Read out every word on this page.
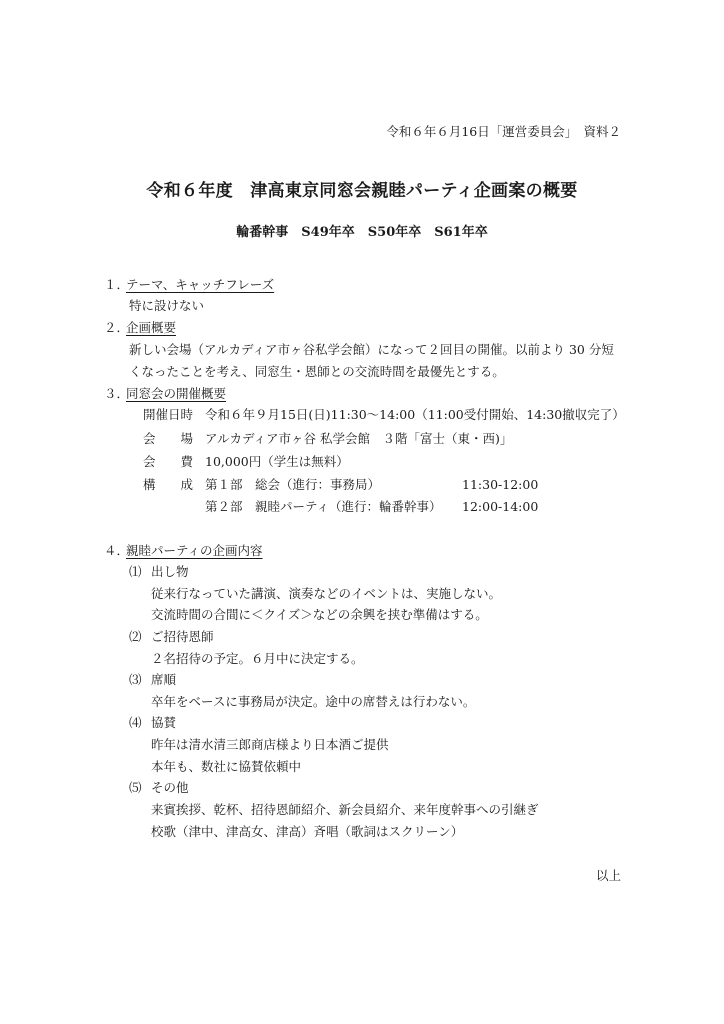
令和６年６月16日「運営委員会」　資料２
令和６年度　津高東京同窓会親睦パーティ企画案の概要
輪番幹事　S49年卒　S50年卒　S61年卒
１．テーマ、キャッチフレーズ
特に設けない
２．企画概要
新しい会場（アルカディア市ヶ谷私学会館）になって２回目の開催。以前より 30 分短
くなったことを考え、同窓生・恩師との交流時間を最優先とする。
３．同窓会の開催概要
開催日時 令和６年９月15日(日)11:30～14:00（11:00受付開始、14:30撤収完了）
会　　場 アルカディア市ヶ谷 私学会館　３階「富士（東・西)」
会　　費 10,000円（学生は無料）
構　　成 第１部　総会（進行：事務局）	11:30-12:00
第２部　親睦パーティ（進行：輪番幹事） 12:00-14:00
４．親睦パーティの企画内容
⑴ 出し物
従来行なっていた講演、演奏などのイベントは、実施しない。
交流時間の合間に＜クイズ＞などの余興を挟む準備はする。
⑵ ご招待恩師
２名招待の予定。６月中に決定する。
⑶ 席順
卒年をベースに事務局が決定。途中の席替えは行わない。
⑷ 協賛
昨年は清水清三郎商店様より日本酒ご提供
本年も、数社に協賛依頼中
⑸ その他
来賓挨拶、乾杯、招待恩師紹介、新会員紹介、来年度幹事への引継ぎ
校歌（津中、津高女、津高）斉唱（歌詞はスクリーン）
以上
